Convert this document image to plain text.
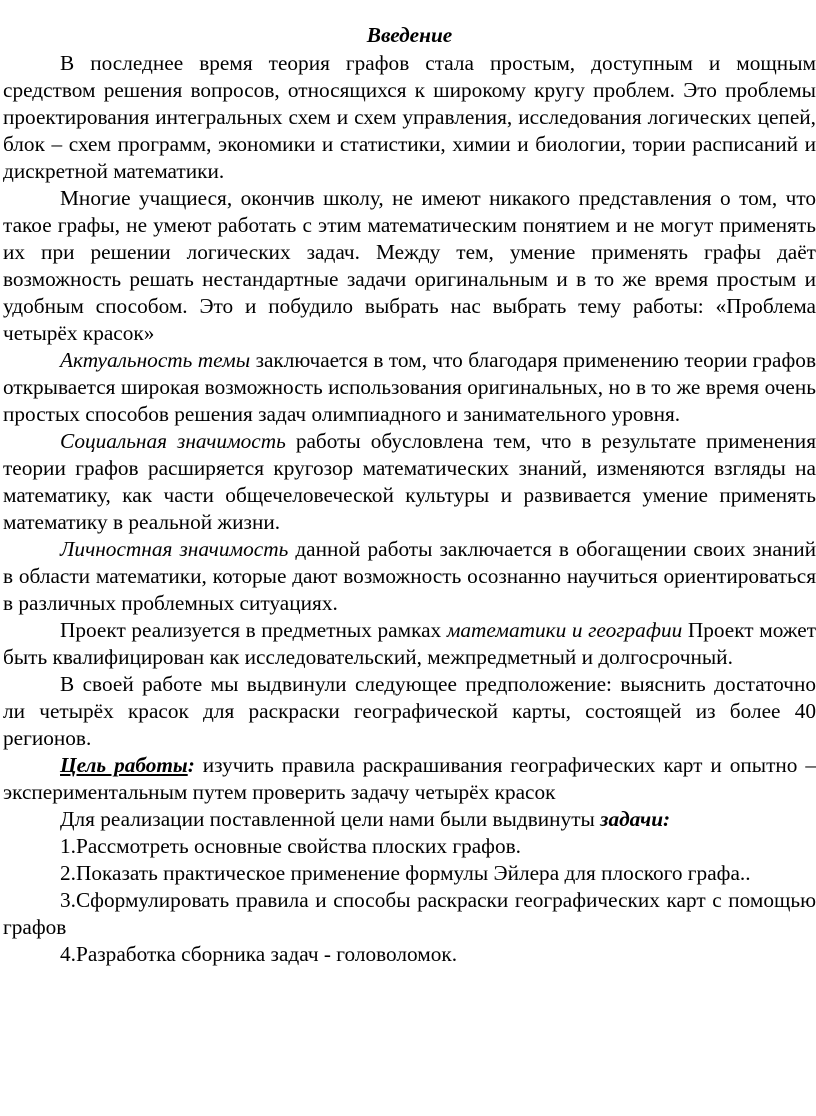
Введение

В последнее время теория графов стала простым, доступным и мощным средством решения вопросов, относящихся к широкому кругу проблем. Это проблемы проектирования интегральных схем и схем управления, исследования логических цепей, блок – схем программ, экономики и статистики, химии и биологии, тории расписаний и дискретной математики.

Многие учащиеся, окончив школу, не имеют никакого представления о том, что такое графы, не умеют работать с этим математическим понятием и не могут применять их при решении логических задач. Между тем, умение применять графы даёт возможность решать нестандартные задачи оригинальным и в то же время простым и удобным способом. Это и побудило выбрать нас выбрать тему работы: «Проблема четырёх красок»

Актуальность темы заключается в том, что благодаря применению теории графов открывается широкая возможность использования оригинальных, но в то же время очень простых способов решения задач олимпиадного и занимательного уровня.

Социальная значимость работы обусловлена тем, что в результате применения теории графов расширяется кругозор математических знаний, изменяются взгляды на математику, как части общечеловеческой культуры и развивается умение применять математику в реальной жизни.

Личностная значимость данной работы заключается в обогащении своих знаний в области математики, которые дают возможность осознанно научиться ориентироваться в различных проблемных ситуациях.

Проект реализуется в предметных рамках математики и географии Проект может быть квалифицирован как исследовательский, межпредметный и долгосрочный.

В своей работе мы выдвинули следующее предположение: выяснить достаточно ли четырёх красок для раскраски географической карты, состоящей из более 40 регионов.

Цель работы: изучить правила раскрашивания географических карт и опытно – экспериментальным путем проверить задачу четырёх красок

Для реализации поставленной цели нами были выдвинуты задачи:

1.Рассмотреть основные свойства плоских графов.

2.Показать практическое применение формулы Эйлера для плоского графа..

3.Сформулировать правила и способы раскраски географических карт с помощью графов

4.Разработка сборника задач - головоломок.
